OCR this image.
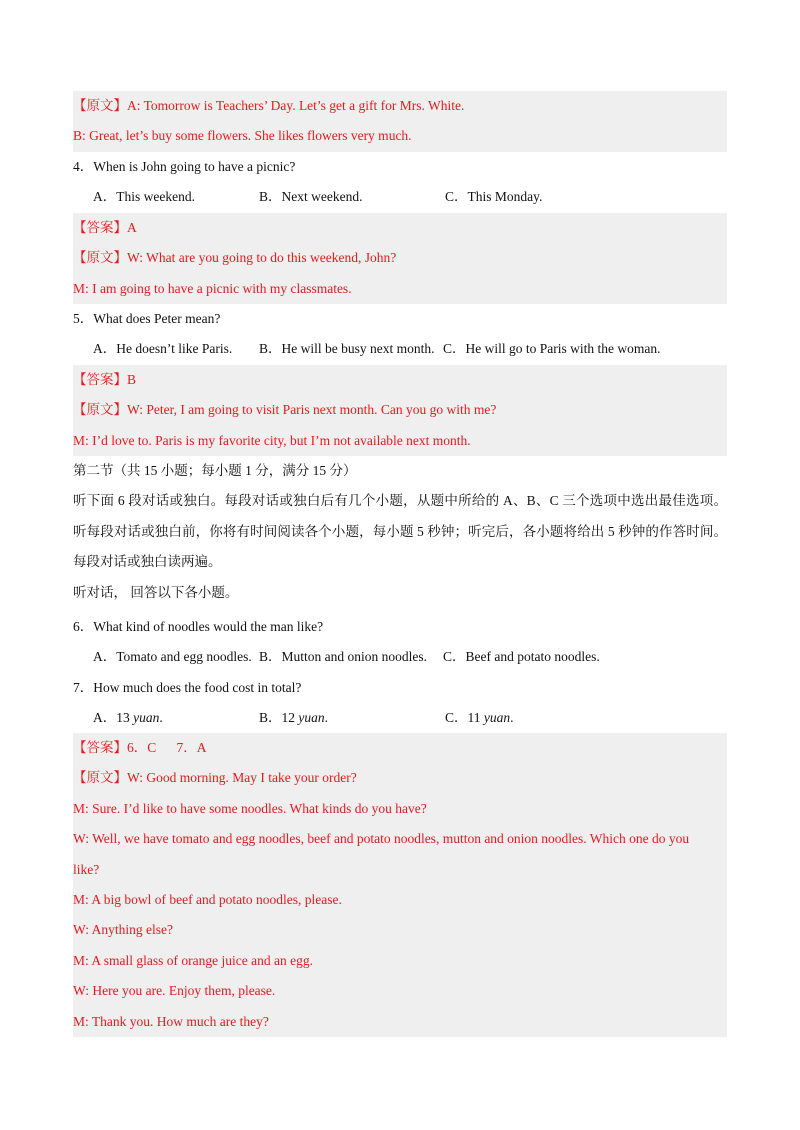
【原文】A: Tomorrow is Teachers’ Day. Let’s get a gift for Mrs. White.
B: Great, let’s buy some flowers. She likes flowers very much.
4．When is John going to have a picnic?
A．This weekend.	B．Next weekend.	C．This Monday.
【答案】A
【原文】W: What are you going to do this weekend, John?
M: I am going to have a picnic with my classmates.
5．What does Peter mean?
A．He doesn’t like Paris. B．He will be busy next month. C．He will go to Paris with the woman.
【答案】B
【原文】W: Peter, I am going to visit Paris next month. Can you go with me?
M: I’d love to. Paris is my favorite city, but I’m not available next month.
第二节（共 15 小题；每小题 1 分，满分 15 分）
听下面 6 段对话或独白。每段对话或独白后有几个小题，从题中所给的 A、B、C 三个选项中选出最佳选项。听每段对话或独白前，你将有时间阅读各个小题，每小题 5 秒钟；听完后，各小题将给出 5 秒钟的作答时间。每段对话或独白读两遍。
听对话， 回答以下各小题。
6．What kind of noodles would the man like?
A．Tomato and egg noodles. B．Mutton and onion noodles. C．Beef and potato noodles.
7．How much does the food cost in total?
A．13 yuan.	B．12 yuan.	C．11 yuan.
【答案】6．C      7．A
【原文】W: Good morning. May I take your order?
M: Sure. I’d like to have some noodles. What kinds do you have?
W: Well, we have tomato and egg noodles, beef and potato noodles, mutton and onion noodles. Which one do you
like?
M: A big bowl of beef and potato noodles, please.
W: Anything else?
M: A small glass of orange juice and an egg.
W: Here you are. Enjoy them, please.
M: Thank you. How much are they?
